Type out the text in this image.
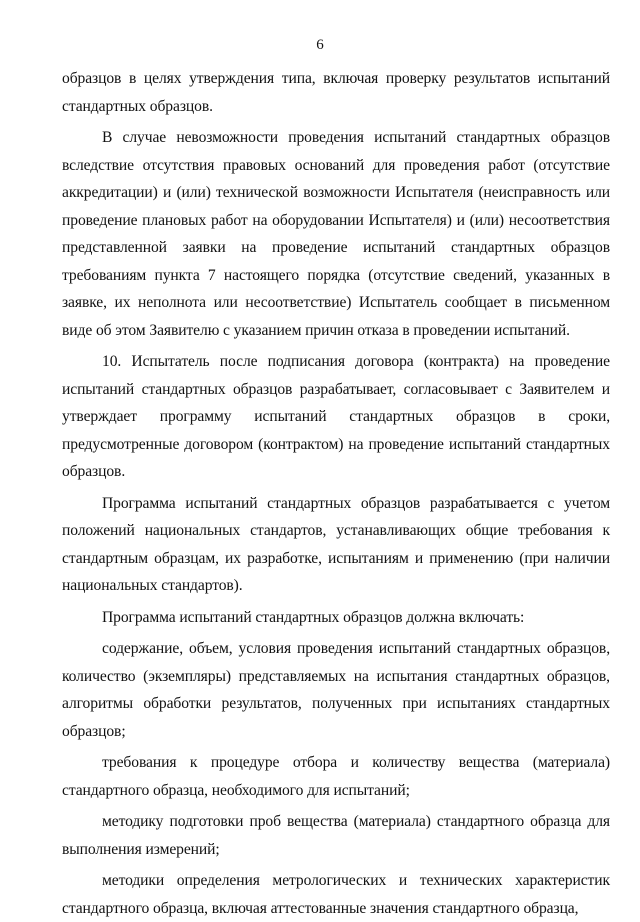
6

образцов в целях утверждения типа, включая проверку результатов испытаний стандартных образцов.

В случае невозможности проведения испытаний стандартных образцов вследствие отсутствия правовых оснований для проведения работ (отсутствие аккредитации) и (или) технической возможности Испытателя (неисправность или проведение плановых работ на оборудовании Испытателя) и (или) несоответствия представленной заявки на проведение испытаний стандартных образцов требованиям пункта 7 настоящего порядка (отсутствие сведений, указанных в заявке, их неполнота или несоответствие) Испытатель сообщает в письменном виде об этом Заявителю с указанием причин отказа в проведении испытаний.

10. Испытатель после подписания договора (контракта) на проведение испытаний стандартных образцов разрабатывает, согласовывает с Заявителем и утверждает программу испытаний стандартных образцов в сроки, предусмотренные договором (контрактом) на проведение испытаний стандартных образцов.

Программа испытаний стандартных образцов разрабатывается с учетом положений национальных стандартов, устанавливающих общие требования к стандартным образцам, их разработке, испытаниям и применению (при наличии национальных стандартов).

Программа испытаний стандартных образцов должна включать:

содержание, объем, условия проведения испытаний стандартных образцов, количество (экземпляры) представляемых на испытания стандартных образцов, алгоритмы обработки результатов, полученных при испытаниях стандартных образцов;

требования к процедуре отбора и количеству вещества (материала) стандартного образца, необходимого для испытаний;

методику подготовки проб вещества (материала) стандартного образца для выполнения измерений;

методики определения метрологических и технических характеристик стандартного образца, включая аттестованные значения стандартного образца,
